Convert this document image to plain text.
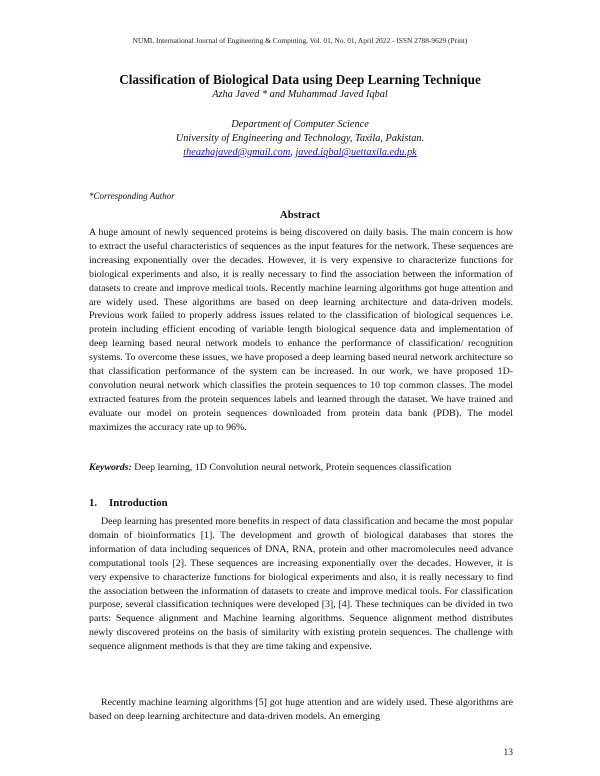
NUML International Journal of Engineering & Computing, Vol. 01, No. 01, April 2022 - ISSN 2788-9629 (Print)
Classification of Biological Data using Deep Learning Technique
Azha Javed * and Muhammad Javed Iqbal
Department of Computer Science
University of Engineering and Technology, Taxila, Pakistan.
theazhajaved@gmail.com, javed.iqbal@uettaxila.edu.pk
*Corresponding Author
Abstract

A huge amount of newly sequenced proteins is being discovered on daily basis. The main concern is how to extract the useful characteristics of sequences as the input features for the network. These sequences are increasing exponentially over the decades. However, it is very expensive to characterize functions for biological experiments and also, it is really necessary to find the association between the information of datasets to create and improve medical tools. Recently machine learning algorithms got huge attention and are widely used. These algorithms are based on deep learning architecture and data-driven models. Previous work failed to properly address issues related to the classification of biological sequences i.e. protein including efficient encoding of variable length biological sequence data and implementation of deep learning based neural network models to enhance the performance of classification/ recognition systems. To overcome these issues, we have proposed a deep learning based neural network architecture so that classification performance of the system can be increased. In our work, we have proposed 1D-convolution neural network which classifies the protein sequences to 10 top common classes. The model extracted features from the protein sequences labels and learned through the dataset. We have trained and evaluate our model on protein sequences downloaded from protein data bank (PDB). The model maximizes the accuracy rate up to 96%.

Keywords: Deep learning, 1D Convolution neural network, Protein sequences classification

1. Introduction

Deep learning has presented more benefits in respect of data classification and became the most popular domain of bioinformatics [1]. The development and growth of biological databases that stores the information of data including sequences of DNA, RNA, protein and other macromolecules need advance computational tools [2]. These sequences are increasing exponentially over the decades. However, it is very expensive to characterize functions for biological experiments and also, it is really necessary to find the association between the information of datasets to create and improve medical tools. For classification purpose, several classification techniques were developed [3], [4]. These techniques can be divided in two parts: Sequence alignment and Machine learning algorithms. Sequence alignment method distributes newly discovered proteins on the basis of similarity with existing protein sequences. The challenge with sequence alignment methods is that they are time taking and expensive.

Recently machine learning algorithms [5] got huge attention and are widely used. These algorithms are based on deep learning architecture and data-driven models. An emerging

13
